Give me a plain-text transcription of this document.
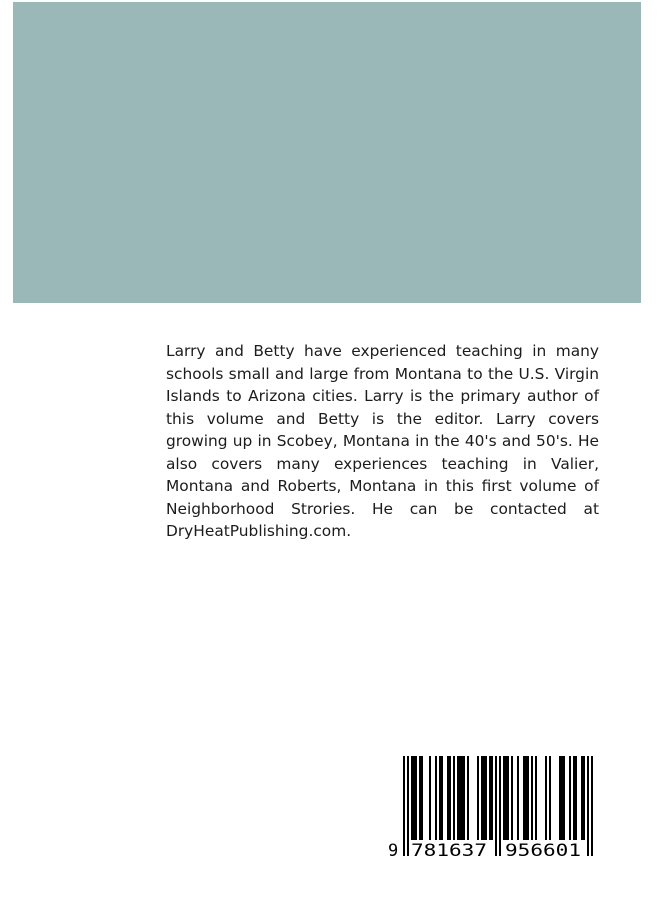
Larry and Betty have experienced teaching in many schools small and large from Montana to the U.S. Virgin Islands to Arizona cities. Larry is the primary author of this volume and Betty is the editor. Larry covers growing up in Scobey, Montana in the 40's and 50's. He also covers many experiences teaching in Valier, Montana and Roberts, Montana in this first volume of Neighborhood Strories. He can be contacted at DryHeatPublishing.com.

9 781637 956601
